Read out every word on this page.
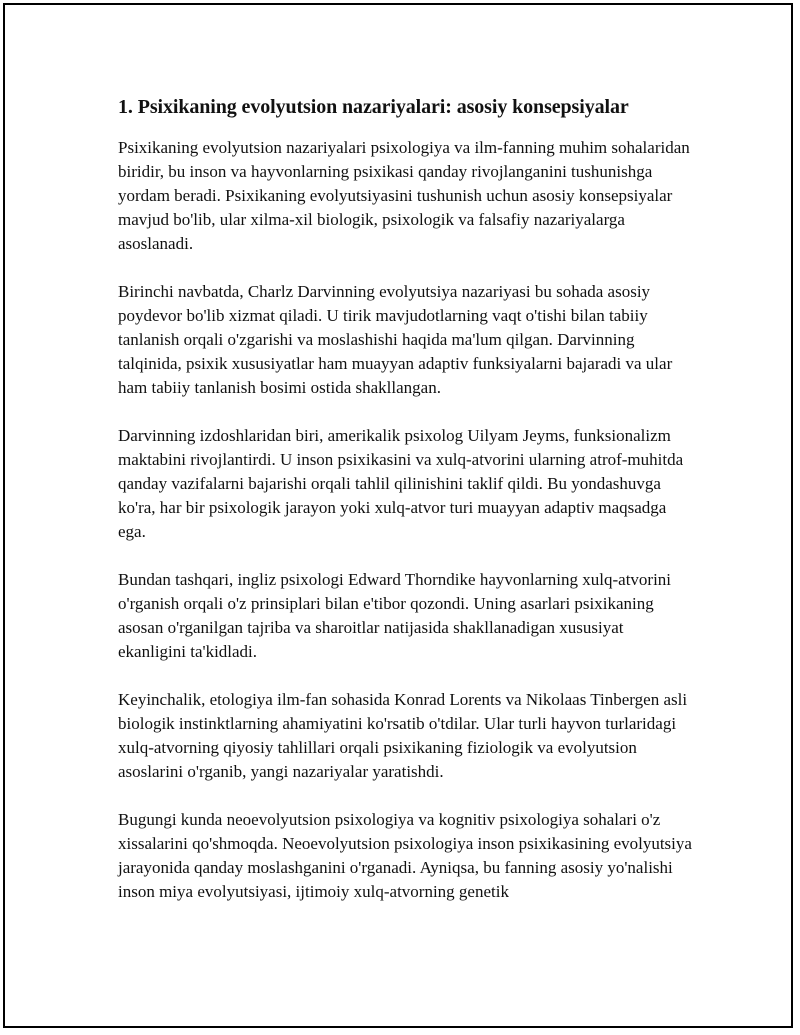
1. Psixikaning evolyutsion nazariyalari: asosiy konsepsiyalar

Psixikaning evolyutsion nazariyalari psixologiya va ilm-fanning muhim sohalaridan biridir, bu inson va hayvonlarning psixikasi qanday rivojlanganini tushunishga yordam beradi. Psixikaning evolyutsiyasini tushunish uchun asosiy konsepsiyalar mavjud bo'lib, ular xilma-xil biologik, psixologik va falsafiy nazariyalarga asoslanadi.

Birinchi navbatda, Charlz Darvinning evolyutsiya nazariyasi bu sohada asosiy poydevor bo'lib xizmat qiladi. U tirik mavjudotlarning vaqt o'tishi bilan tabiiy tanlanish orqali o'zgarishi va moslashishi haqida ma'lum qilgan. Darvinning talqinida, psixik xususiyatlar ham muayyan adaptiv funksiyalarni bajaradi va ular ham tabiiy tanlanish bosimi ostida shakllangan.

Darvinning izdoshlaridan biri, amerikalik psixolog Uilyam Jeyms, funksionalizm maktabini rivojlantirdi. U inson psixikasini va xulq-atvorini ularning atrof-muhitda qanday vazifalarni bajarishi orqali tahlil qilinishini taklif qildi. Bu yondashuvga ko'ra, har bir psixologik jarayon yoki xulq-atvor turi muayyan adaptiv maqsadga ega.

Bundan tashqari, ingliz psixologi Edward Thorndike hayvonlarning xulq-atvorini o'rganish orqali o'z prinsiplari bilan e'tibor qozondi. Uning asarlari psixikaning asosan o'rganilgan tajriba va sharoitlar natijasida shakllanadigan xususiyat ekanligini ta'kidladi.

Keyinchalik, etologiya ilm-fan sohasida Konrad Lorents va Nikolaas Tinbergen asli biologik instinktlarning ahamiyatini ko'rsatib o'tdilar. Ular turli hayvon turlaridagi xulq-atvorning qiyosiy tahlillari orqali psixikaning fiziologik va evolyutsion asoslarini o'rganib, yangi nazariyalar yaratishdi.

Bugungi kunda neoevolyutsion psixologiya va kognitiv psixologiya sohalari o'z xissalarini qo'shmoqda. Neoevolyutsion psixologiya inson psixikasining evolyutsiya jarayonida qanday moslashganini o'rganadi. Ayniqsa, bu fanning asosiy yo'nalishi inson miya evolyutsiyasi, ijtimoiy xulq-atvorning genetik
